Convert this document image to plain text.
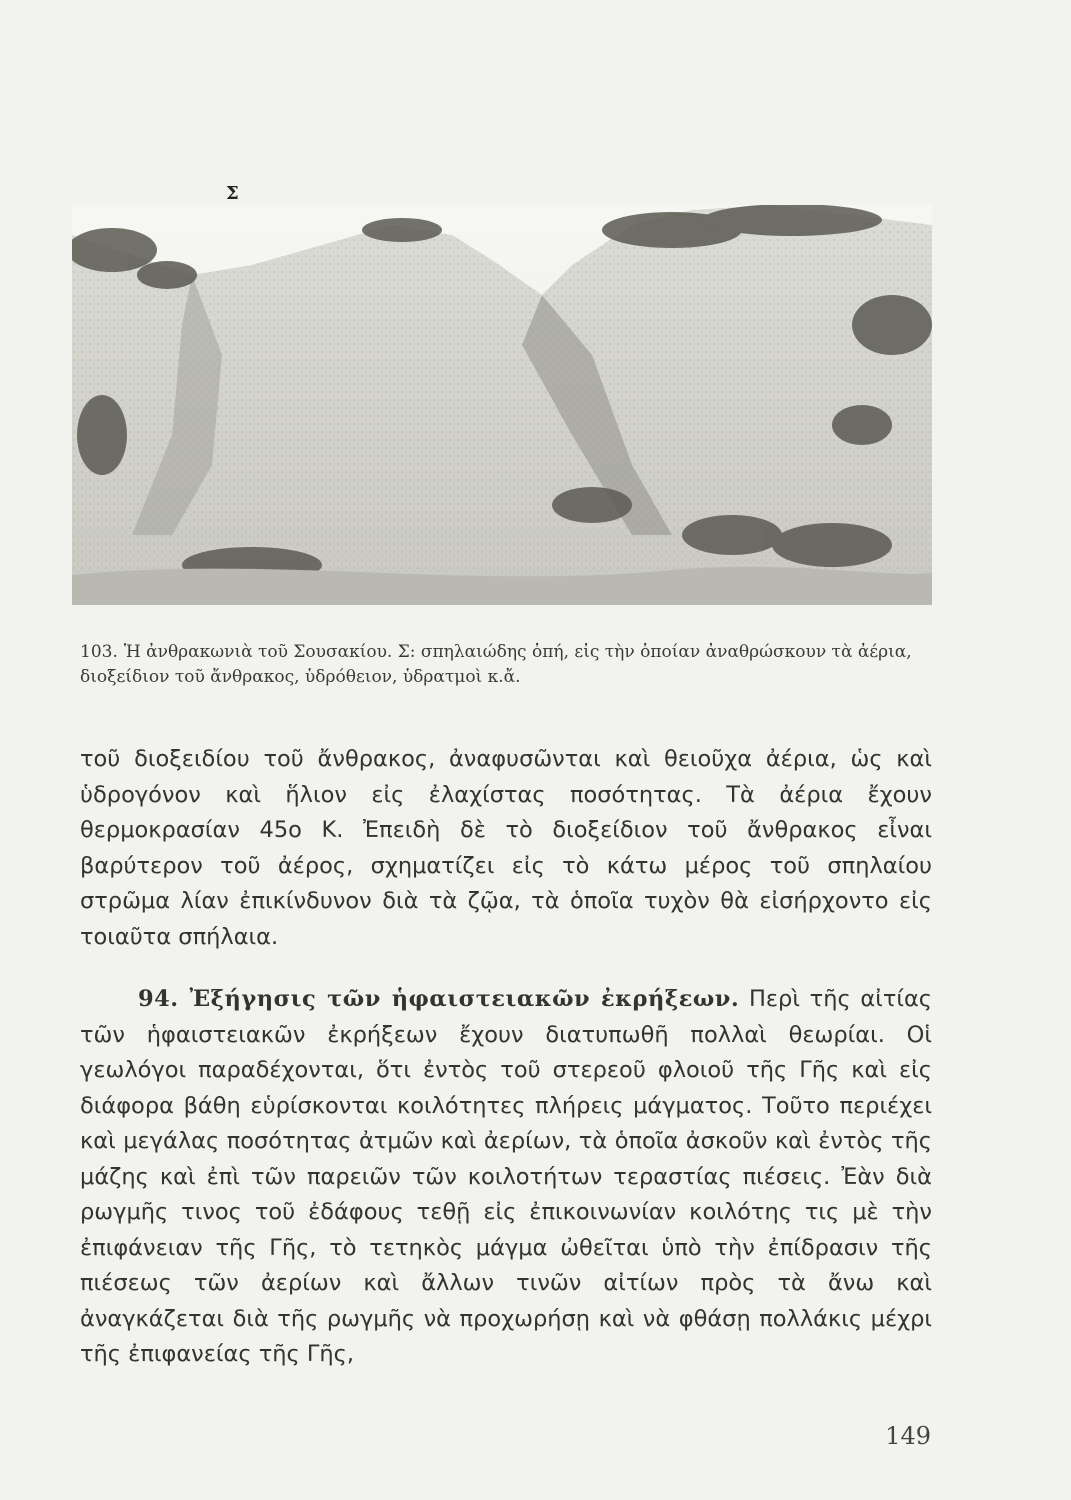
Σ
103. Ἡ ἀνθρακωνιὰ τοῦ Σουσακίου. Σ: σπηλαιώδης ὀπή, εἰς τὴν ὁποίαν ἀναθρώσκουν τὰ ἀέρια, διοξείδιον τοῦ ἄνθρακος, ὑδρόθειον, ὑδρατμοὶ κ.ἄ.
τοῦ διοξειδίου τοῦ ἄνθρακος, ἀναφυσῶνται καὶ θειοῦχα ἀέρια, ὡς καὶ ὑδρογόνον καὶ ἥλιον εἰς ἐλαχίστας ποσότητας. Τὰ ἀέρια ἔχουν θερμοκρασίαν 45ο Κ. Ἐπειδὴ δὲ τὸ διοξείδιον τοῦ ἄνθρακος εἶναι βαρύτερον τοῦ ἀέρος, σχηματίζει εἰς τὸ κάτω μέρος τοῦ σπηλαίου στρῶμα λίαν ἐπικίνδυνον διὰ τὰ ζῷα, τὰ ὁποῖα τυχὸν θὰ εἰσήρχοντο εἰς τοιαῦτα σπήλαια.
94. Ἐξήγησις τῶν ἡφαιστειακῶν ἐκρήξεων. Περὶ τῆς αἰτίας τῶν ἡφαιστειακῶν ἐκρήξεων ἔχουν διατυπωθῆ πολλαὶ θεωρίαι. Οἱ γεωλόγοι παραδέχονται, ὅτι ἐντὸς τοῦ στερεοῦ φλοιοῦ τῆς Γῆς καὶ εἰς διάφορα βάθη εὑρίσκονται κοιλότητες πλήρεις μάγματος. Τοῦτο περιέχει καὶ μεγάλας ποσότητας ἀτμῶν καὶ ἀερίων, τὰ ὁποῖα ἀσκοῦν καὶ ἐντὸς τῆς μάζης καὶ ἐπὶ τῶν παρειῶν τῶν κοιλοτήτων τεραστίας πιέσεις. Ἐὰν διὰ ρωγμῆς τινος τοῦ ἐδάφους τεθῇ εἰς ἐπικοινωνίαν κοιλότης τις μὲ τὴν ἐπιφάνειαν τῆς Γῆς, τὸ τετηκὸς μάγμα ὠθεῖται ὑπὸ τὴν ἐπίδρασιν τῆς πιέσεως τῶν ἀερίων καὶ ἄλλων τινῶν αἰτίων πρὸς τὰ ἄνω καὶ ἀναγκάζεται διὰ τῆς ρωγμῆς νὰ προχωρήσῃ καὶ νὰ φθάσῃ πολλάκις μέχρι τῆς ἐπιφανείας τῆς Γῆς,
149
